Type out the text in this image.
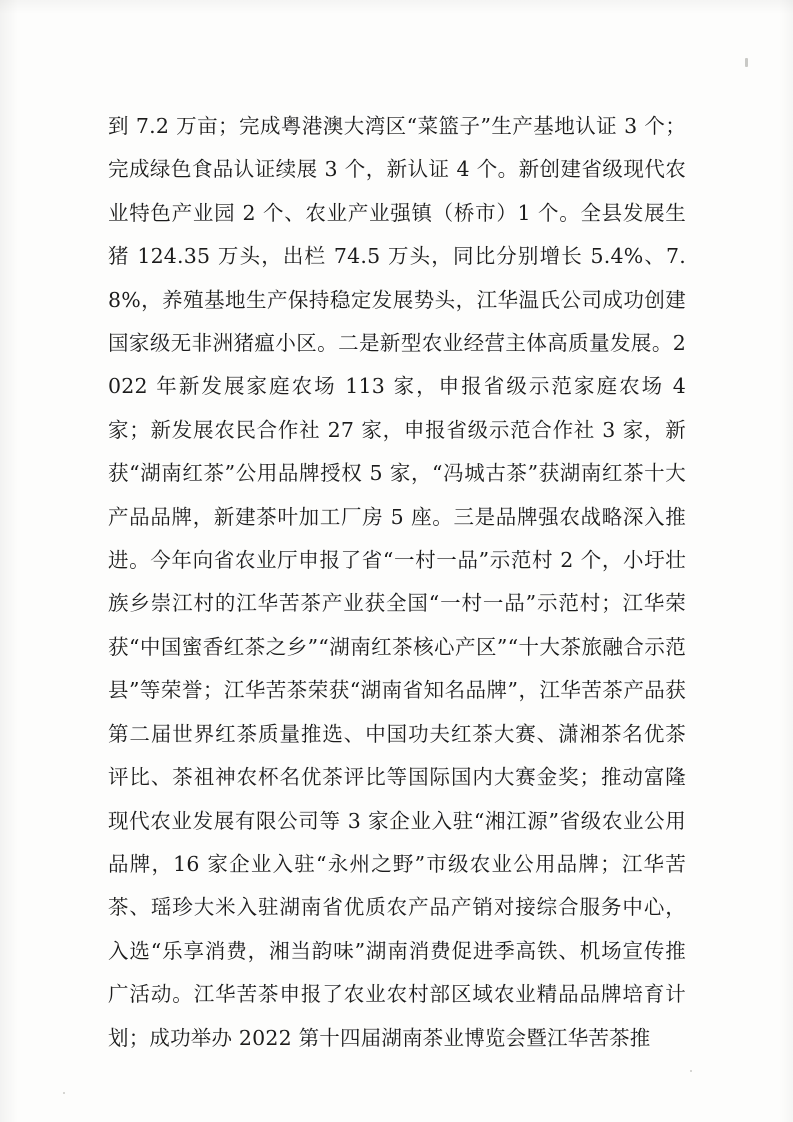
到 7.2 万亩；完成粤港澳大湾区“菜篮子”生产基地认证 3 个；完成绿色食品认证续展 3 个，新认证 4 个。新创建省级现代农业特色产业园 2 个、农业产业强镇（桥市）1 个。全县发展生猪 124.35 万头，出栏 74.5 万头，同比分别增长 5.4%、7.8%，养殖基地生产保持稳定发展势头，江华温氏公司成功创建国家级无非洲猪瘟小区。二是新型农业经营主体高质量发展。2022 年新发展家庭农场 113 家，申报省级示范家庭农场 4 家；新发展农民合作社 27 家，申报省级示范合作社 3 家，新获“湖南红茶”公用品牌授权 5 家，“冯城古茶”获湖南红茶十大产品品牌，新建茶叶加工厂房 5 座。三是品牌强农战略深入推进。今年向省农业厅申报了省“一村一品”示范村 2 个，小圩壮族乡崇江村的江华苦茶产业获全国“一村一品”示范村；江华荣获“中国蜜香红茶之乡”“湖南红茶核心产区”“十大茶旅融合示范县”等荣誉；江华苦茶荣获“湖南省知名品牌”，江华苦茶产品获第二届世界红茶质量推选、中国功夫红茶大赛、潇湘茶名优茶评比、茶祖神农杯名优茶评比等国际国内大赛金奖；推动富隆现代农业发展有限公司等 3 家企业入驻“湘江源”省级农业公用品牌，16 家企业入驻“永州之野”市级农业公用品牌；江华苦茶、瑶珍大米入驻湖南省优质农产品产销对接综合服务中心，入选“乐享消费，湘当韵味”湖南消费促进季高铁、机场宣传推广活动。江华苦茶申报了农业农村部区域农业精品品牌培育计划；成功举办 2022 第十四届湖南茶业博览会暨江华苦茶推
